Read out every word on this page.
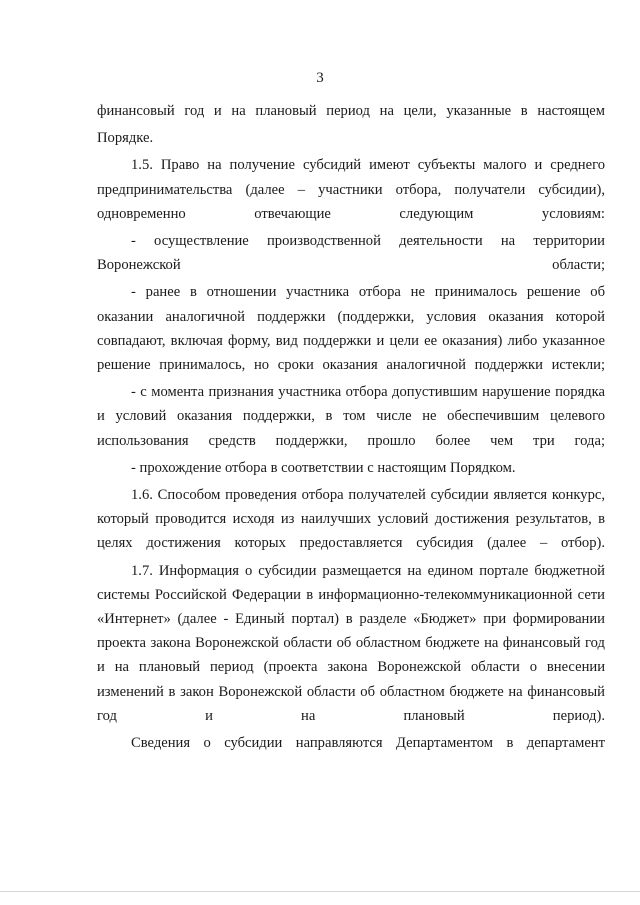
3

финансовый год и на плановый период на цели, указанные в настоящем

Порядке.

1.5. Право на получение субсидий имеют субъекты малого и среднего предпринимательства (далее – участники отбора, получатели субсидии), одновременно отвечающие следующим условиям:

- осуществление производственной деятельности на территории Воронежской области;

- ранее в отношении участника отбора не принималось решение об оказании аналогичной поддержки (поддержки, условия оказания которой совпадают, включая форму, вид поддержки и цели ее оказания) либо указанное решение принималось, но сроки оказания аналогичной поддержки истекли;

- с момента признания участника отбора допустившим нарушение порядка и условий оказания поддержки, в том числе не обеспечившим целевого использования средств поддержки, прошло более чем три года;

- прохождение отбора в соответствии с настоящим Порядком.

1.6. Способом проведения отбора получателей субсидии является конкурс, который проводится исходя из наилучших условий достижения результатов, в целях достижения которых предоставляется субсидия (далее – отбор).

1.7. Информация о субсидии размещается на едином портале бюджетной системы Российской Федерации в информационно-телекоммуникационной сети «Интернет» (далее - Единый портал) в разделе «Бюджет» при формировании проекта закона Воронежской области об областном бюджете на финансовый год и на плановый период (проекта закона Воронежской области о внесении изменений в закон Воронежской области об областном бюджете на финансовый год и на плановый период).

Сведения о субсидии направляются Департаментом в департамент
